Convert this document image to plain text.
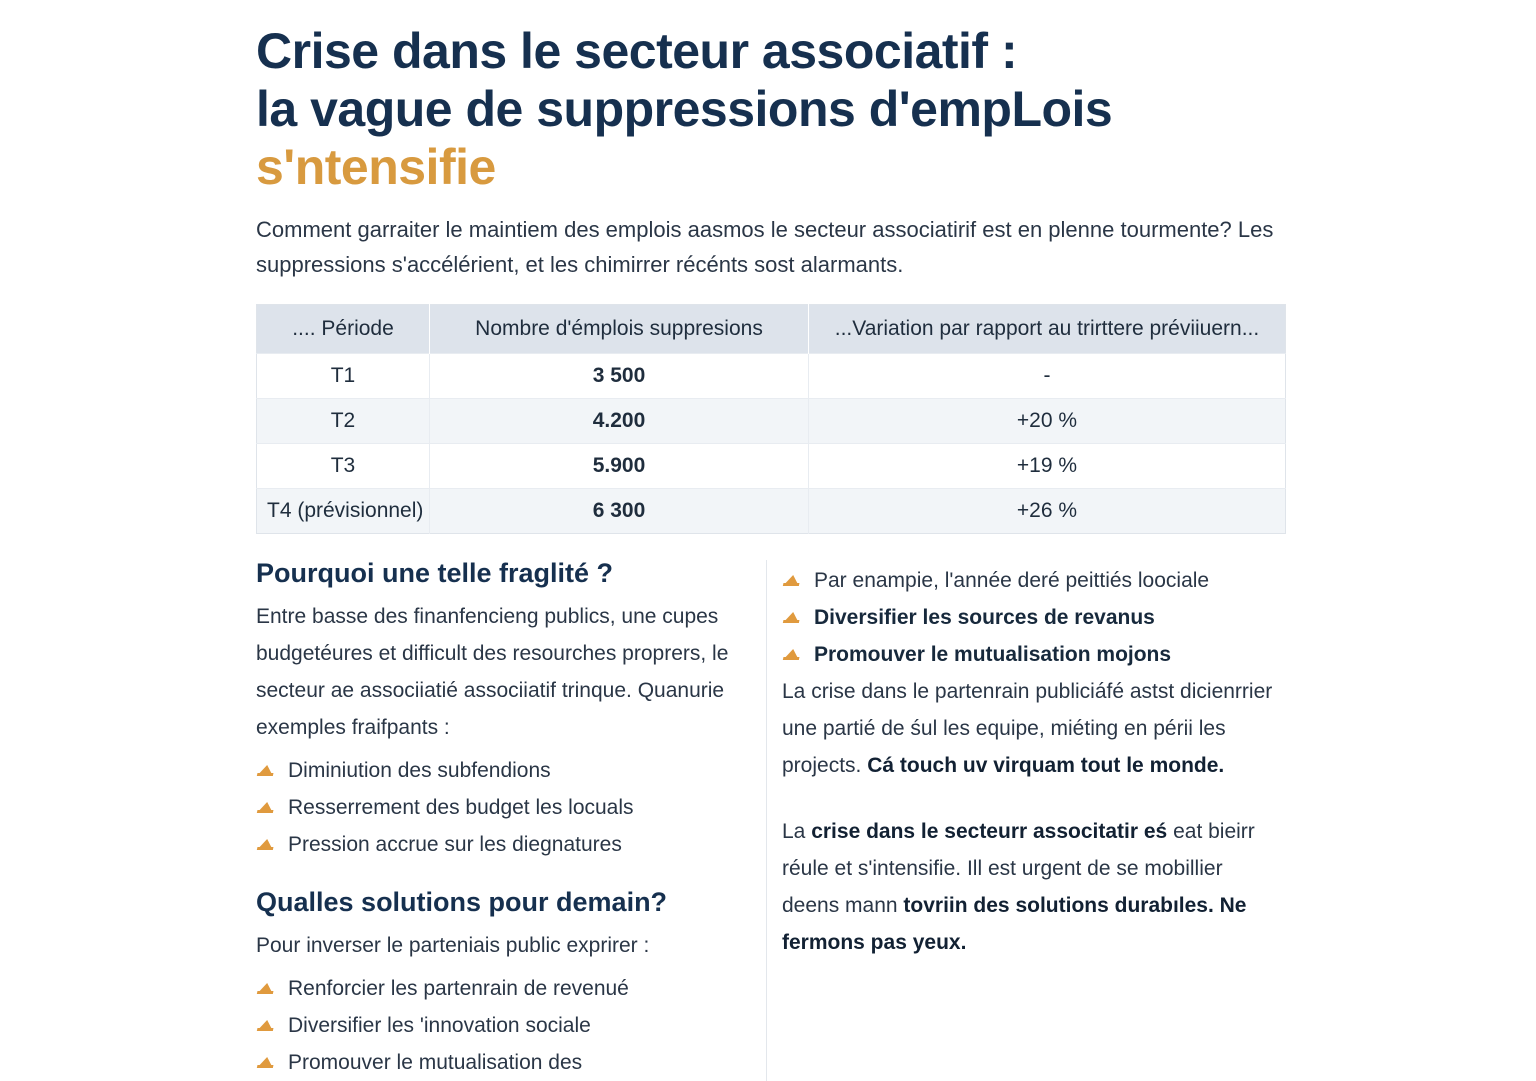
Crise dans le secteur associatif :
la vague de suppressions d'empLois
s'ntensifie

Comment garraiter le maintiem des emplois aasmos le secteur associatirif est en plenne tourmente? Les suppressions s'accélérient, et les chimirrer récénts sost alarmants.

.... Période	Nombre d'émplois suppresions	...Variation par rapport au trirttere préviiuern...
T1	3 500	-
T2	4.200	+20 %
T3	5.900	+19 %
T4 (prévisionnel)	6 300	+26 %
Pourquoi une telle fraglité ?

Entre basse des finanfencieng publics, une cupes budgetéures et difficult des resourches proprers, le secteur ae associiatié associiatif trinque. Quanurie exemples fraifpants :

Diminiution des subfendions
Resserrement des budget les locuals
Pression accrue sur les diegnatures
Qualles solutions pour demain?

Pour inverser le parteniais public exprirer :

Renforcier les partenrain de revenué
Diversifier les 'innovation sociale
Promouver le mutualisation des
Par enampie, l'année deré peittiés loociale
Diversifier les sources de revanus
Promouver le mutualisation mojons

La crise dans le partenrain publiciáfé astst dicienrrier une partié de śul les equipe, miéting en périi les projects. Cá touch uv virquam tout le monde.

La crise dans le secteurr associtatir eś eat bieirr réule et s'intensifie. Ill est urgent de se mobillier deens mann tovriin des solutions durabıles. Ne fermons pas yeux.
